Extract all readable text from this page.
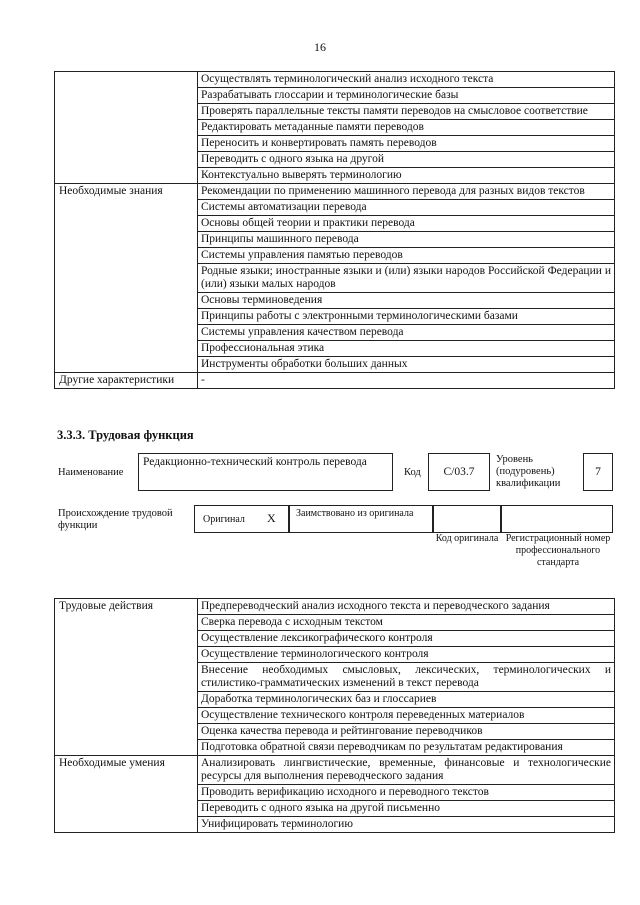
16
	Осуществлять терминологический анализ исходного текста
	Разрабатывать глоссарии и терминологические базы
	Проверять параллельные тексты памяти переводов на смысловое соответствие
	Редактировать метаданные памяти переводов
	Переносить и конвертировать память переводов
	Переводить с одного языка на другой
	Контекстуально выверять терминологию
Необходимые знания	Рекомендации по применению машинного перевода для разных видов текстов
	Системы автоматизации перевода
	Основы общей теории и практики перевода
	Принципы машинного перевода
	Системы управления памятью переводов
	Родные языки; иностранные языки и (или) языки народов Российской Федерации и (или) языки малых народов
	Основы терминоведения
	Принципы работы с электронными терминологическими базами
	Системы управления качеством перевода
	Профессиональная этика
	Инструменты обработки больших данных
Другие характеристики	-
3.3.3. Трудовая функция
Наименование
Редакционно-технический контроль перевода
Код C/03.7
Уровень (подуровень) квалификации
7
Происхождение трудовой функции
Оригинал X Заимствовано из оригинала
Код оригинала Регистрационный номер профессионального стандарта
Трудовые действия	Предпереводческий анализ исходного текста и переводческого задания
	Сверка перевода с исходным текстом
	Осуществление лексикографического контроля
	Осуществление терминологического контроля
	Внесение необходимых смысловых, лексических, терминологических и стилистико-грамматических изменений в текст перевода
	Доработка терминологических баз и глоссариев
	Осуществление технического контроля переведенных материалов
	Оценка качества перевода и рейтингование переводчиков
	Подготовка обратной связи переводчикам по результатам редактирования
Необходимые умения	Анализировать лингвистические, временные, финансовые и технологические ресурсы для выполнения переводческого задания
	Проводить верификацию исходного и переводного текстов
	Переводить с одного языка на другой письменно
	Унифицировать терминологию
